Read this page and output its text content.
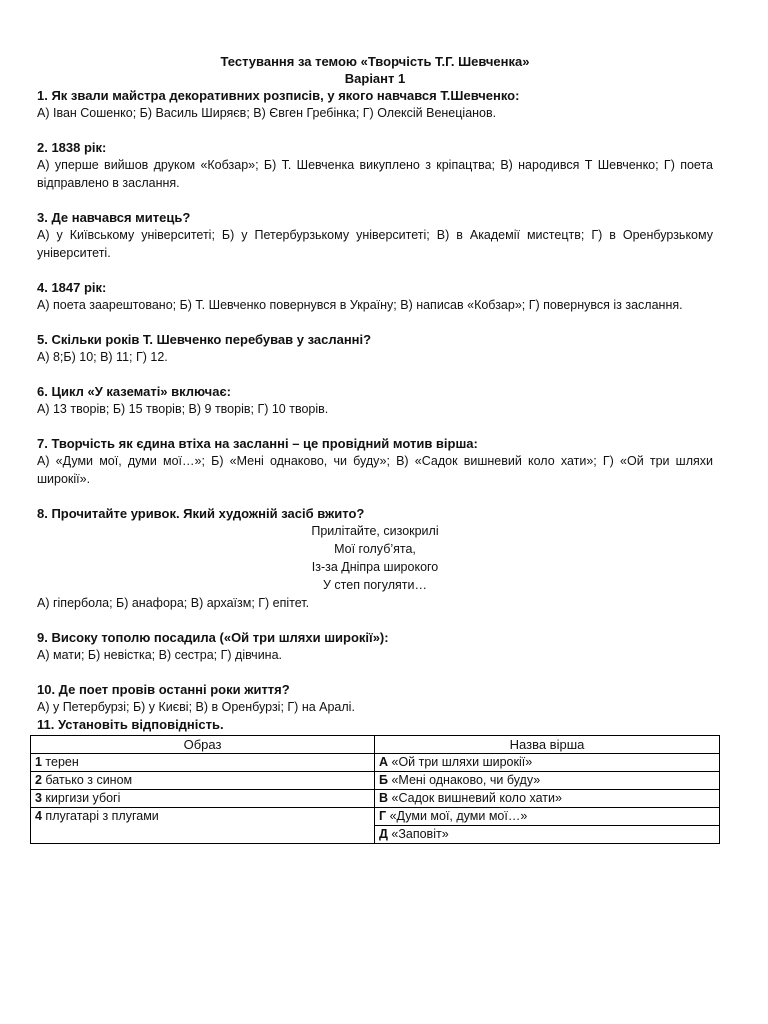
Тестування за темою «Творчість Т.Г. Шевченка»
Варіант 1
1. Як звали майстра декоративних розписів, у якого навчався Т.Шевченко:
А) Іван Сошенко; Б) Василь Ширяєв; В) Євген Гребінка; Г) Олексій Венеціанов.
2. 1838 рік:
А) уперше вийшов друком «Кобзар»; Б) Т. Шевченка викуплено з кріпацтва; В) народився Т Шевченко; Г) поета відправлено в заслання.
3. Де навчався митець?
А) у Київському університеті; Б) у Петербурзькому університеті; В) в Академії мистецтв; Г) в Оренбурзькому університеті.
4. 1847 рік:
А) поета заарештовано; Б) Т. Шевченко повернувся в Україну; В) написав «Кобзар»; Г) повернувся із заслання.
5. Скільки років Т. Шевченко перебував у засланні?
А) 8;Б) 10; В) 11; Г) 12.
6. Цикл «У казематі» включає:
А) 13 творів; Б) 15 творів; В) 9 творів; Г) 10 творів.
7. Творчість як єдина втіха на засланні – це провідний мотив вірша:
А) «Думи мої, думи мої…»; Б) «Мені однаково, чи буду»; В) «Садок вишневий коло хати»; Г) «Ой три шляхи широкії».
8. Прочитайте уривок. Який художній засіб вжито?
Прилітайте, сизокрилі
Мої голуб’ята,
Із-за Дніпра широкого
У степ погуляти…
А) гіпербола; Б) анафора; В) архаїзм; Г) епітет.
9. Високу тополю посадила («Ой три шляхи широкії»):
А) мати; Б) невістка; В) сестра; Г) дівчина.
10. Де поет провів останні роки життя?
А) у Петербурзі; Б) у Києві; В) в Оренбурзі; Г) на Аралі.
11. Установіть відповідність.
Образ	Назва вірша
1 терен	А «Ой три шляхи широкії»
2 батько з сином	Б «Мені однаково, чи буду»
3 киргизи убогі	В «Садок вишневий коло хати»
4 плугатарі з плугами	Г «Думи мої, думи мої…»
	Д «Заповіт»
